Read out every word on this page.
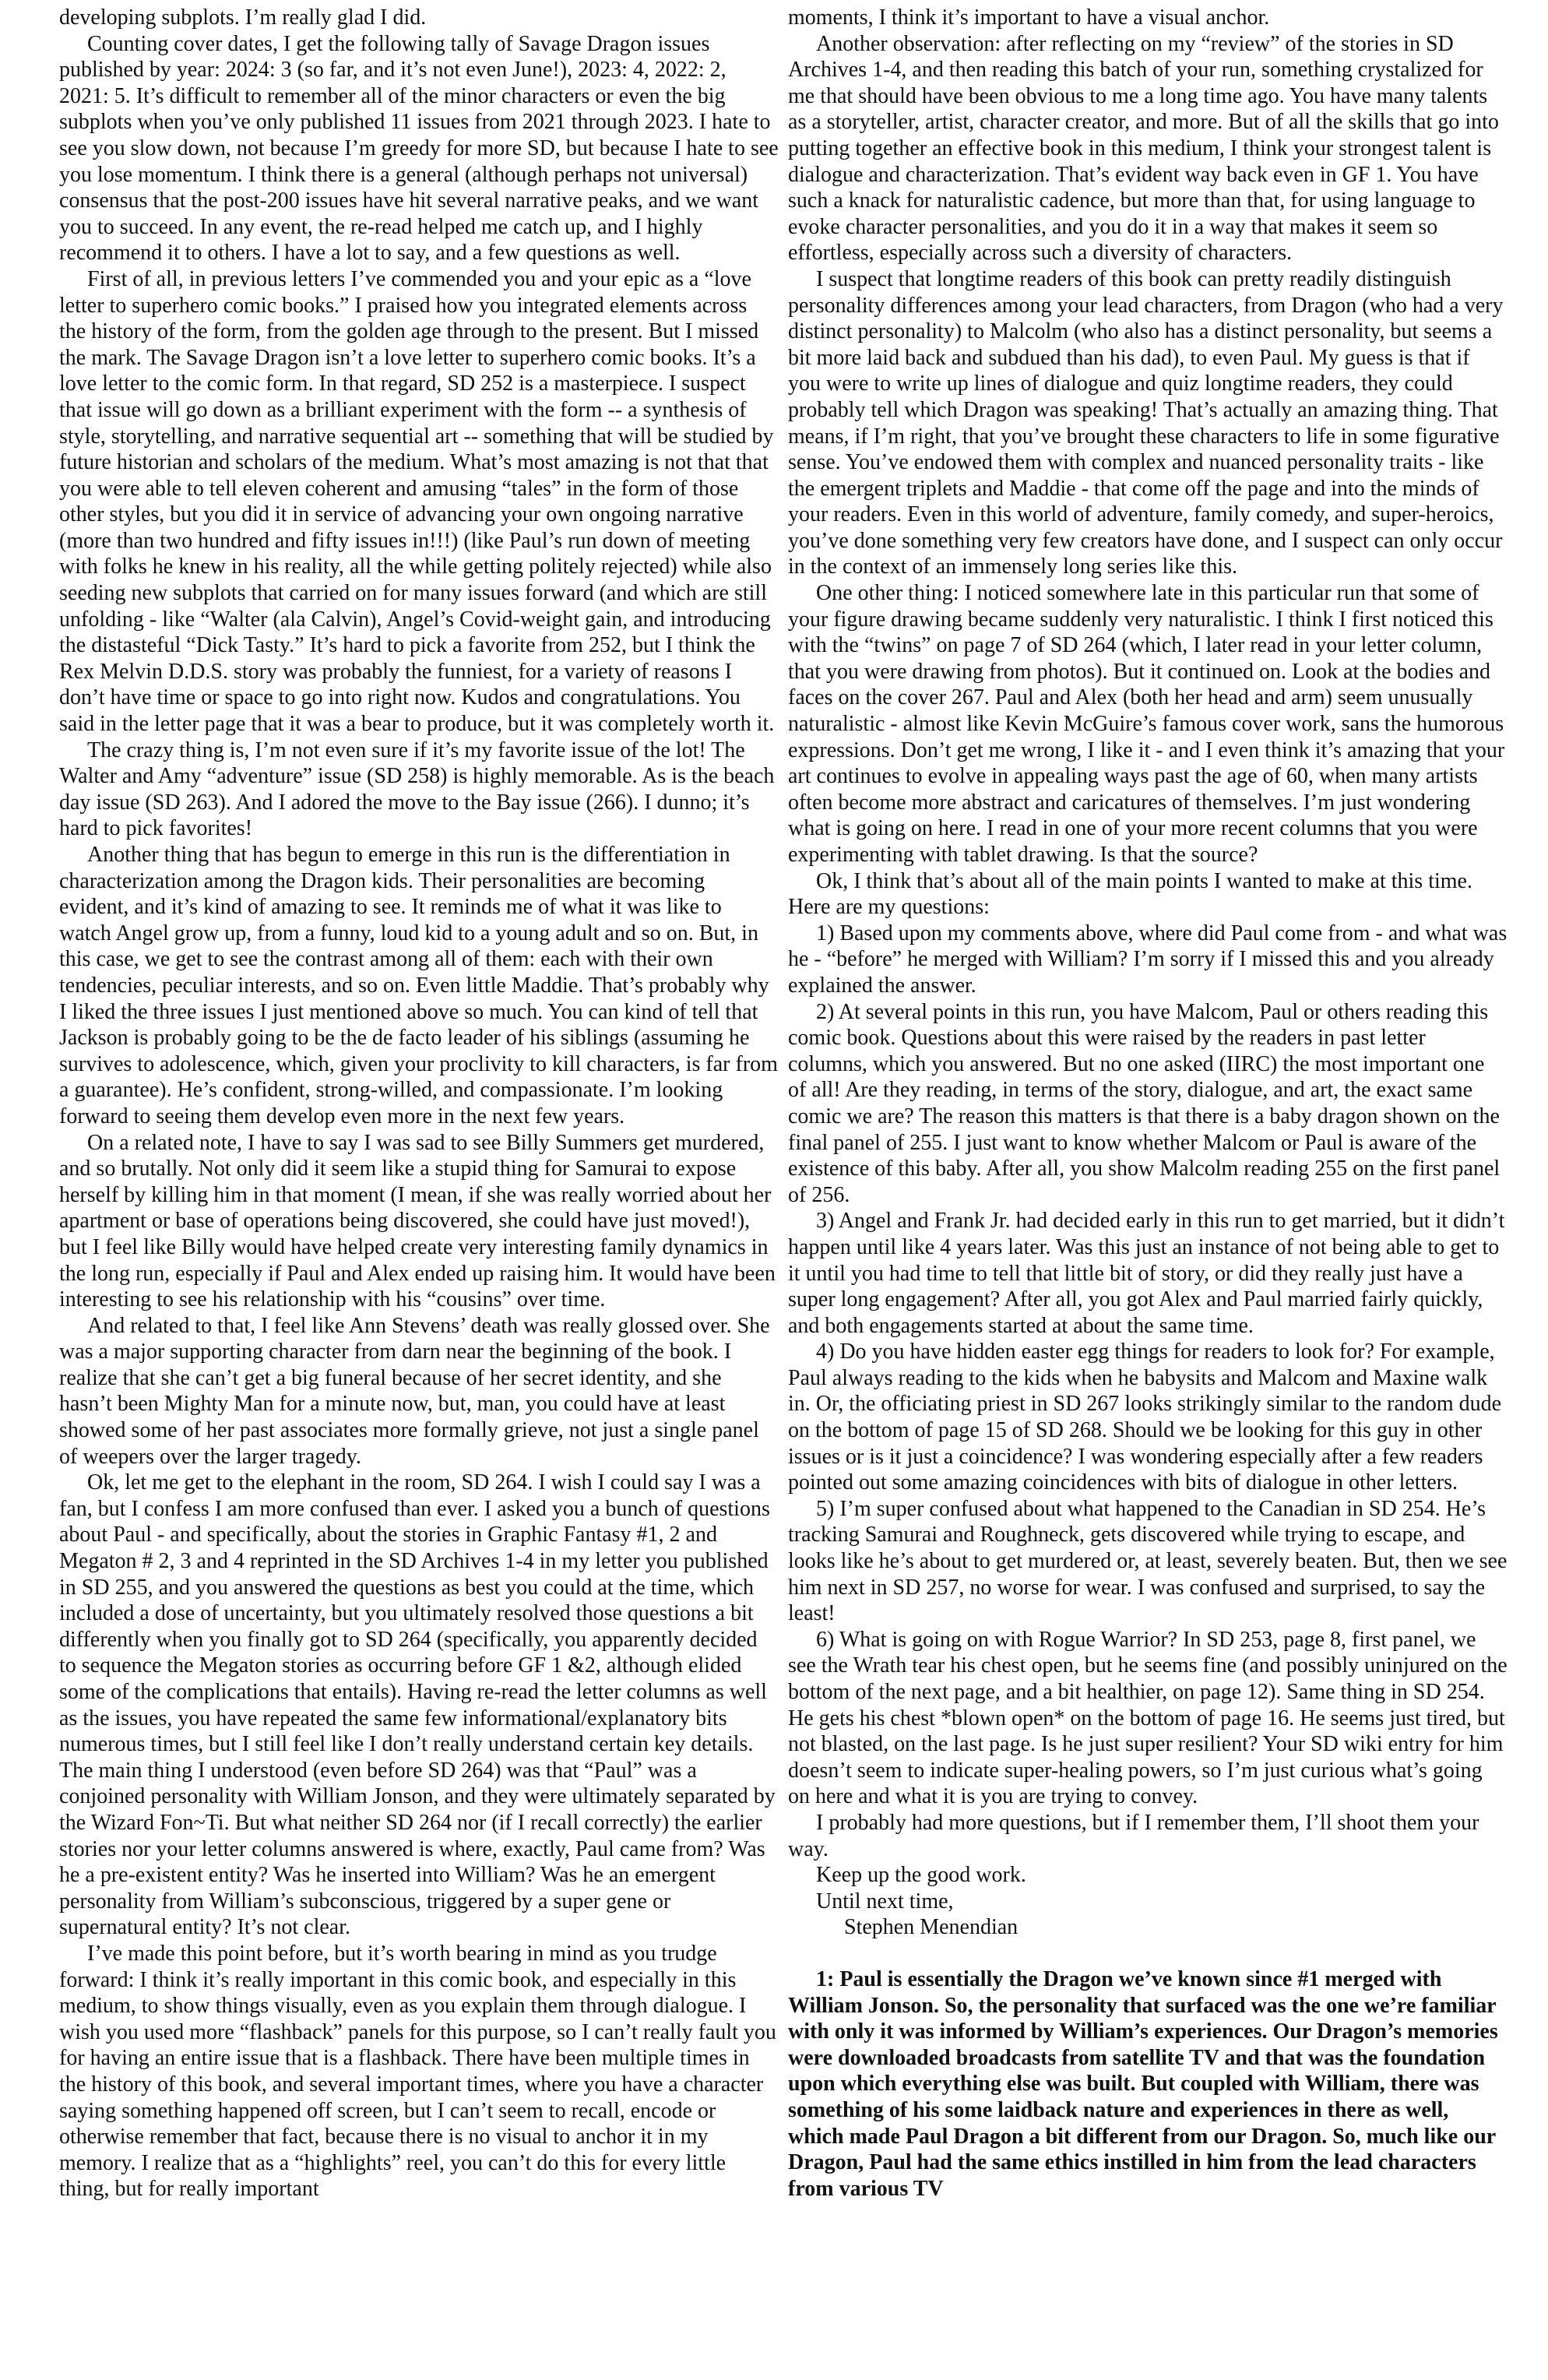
developing subplots. I’m really glad I did.

Counting cover dates, I get the following tally of Savage Dragon issues published by year: 2024: 3 (so far, and it’s not even June!), 2023: 4, 2022: 2, 2021: 5. It’s difficult to remember all of the minor characters or even the big subplots when you’ve only published 11 issues from 2021 through 2023. I hate to see you slow down, not because I’m greedy for more SD, but because I hate to see you lose momentum. I think there is a general (although perhaps not universal) consensus that the post-200 issues have hit several narrative peaks, and we want you to succeed. In any event, the re-read helped me catch up, and I highly recommend it to others. I have a lot to say, and a few questions as well.

First of all, in previous letters I’ve commended you and your epic as a “love letter to superhero comic books.” I praised how you integrated elements across the history of the form, from the golden age through to the present. But I missed the mark. The Savage Dragon isn’t a love letter to superhero comic books. It’s a love letter to the comic form. In that regard, SD 252 is a masterpiece. I suspect that issue will go down as a brilliant experiment with the form -- a synthesis of style, storytelling, and narrative sequential art -- something that will be studied by future historian and scholars of the medium. What’s most amazing is not that that you were able to tell eleven coherent and amusing “tales” in the form of those other styles, but you did it in service of advancing your own ongoing narrative (more than two hundred and fifty issues in!!!) (like Paul’s run down of meeting with folks he knew in his reality, all the while getting politely rejected) while also seeding new subplots that carried on for many issues forward (and which are still unfolding - like “Walter (ala Calvin), Angel’s Covid-weight gain, and introducing the distasteful “Dick Tasty.” It’s hard to pick a favorite from 252, but I think the Rex Melvin D.D.S. story was probably the funniest, for a variety of reasons I don’t have time or space to go into right now. Kudos and congratulations. You said in the letter page that it was a bear to produce, but it was completely worth it.

The crazy thing is, I’m not even sure if it’s my favorite issue of the lot! The Walter and Amy “adventure” issue (SD 258) is highly memorable. As is the beach day issue (SD 263). And I adored the move to the Bay issue (266). I dunno; it’s hard to pick favorites!

Another thing that has begun to emerge in this run is the differentiation in characterization among the Dragon kids. Their personalities are becoming evident, and it’s kind of amazing to see. It reminds me of what it was like to watch Angel grow up, from a funny, loud kid to a young adult and so on. But, in this case, we get to see the contrast among all of them: each with their own tendencies, peculiar interests, and so on. Even little Maddie. That’s probably why I liked the three issues I just mentioned above so much. You can kind of tell that Jackson is probably going to be the de facto leader of his siblings (assuming he survives to adolescence, which, given your proclivity to kill characters, is far from a guarantee). He’s confident, strong-willed, and compassionate. I’m looking forward to seeing them develop even more in the next few years.

On a related note, I have to say I was sad to see Billy Summers get murdered, and so brutally. Not only did it seem like a stupid thing for Samurai to expose herself by killing him in that moment (I mean, if she was really worried about her apartment or base of operations being discovered, she could have just moved!), but I feel like Billy would have helped create very interesting family dynamics in the long run, especially if Paul and Alex ended up raising him. It would have been interesting to see his relationship with his “cousins” over time.

And related to that, I feel like Ann Stevens’ death was really glossed over. She was a major supporting character from darn near the beginning of the book. I realize that she can’t get a big funeral because of her secret identity, and she hasn’t been Mighty Man for a minute now, but, man, you could have at least showed some of her past associates more formally grieve, not just a single panel of weepers over the larger tragedy.

Ok, let me get to the elephant in the room, SD 264. I wish I could say I was a fan, but I confess I am more confused than ever. I asked you a bunch of questions about Paul - and specifically, about the stories in Graphic Fantasy #1, 2 and Megaton # 2, 3 and 4 reprinted in the SD Archives 1-4 in my letter you published in SD 255, and you answered the questions as best you could at the time, which included a dose of uncertainty, but you ultimately resolved those questions a bit differently when you finally got to SD 264 (specifically, you apparently decided to sequence the Megaton stories as occurring before GF 1 &2, although elided some of the complications that entails). Having re-read the letter columns as well as the issues, you have repeated the same few informational/explanatory bits numerous times, but I still feel like I don’t really understand certain key details. The main thing I understood (even before SD 264) was that “Paul” was a conjoined personality with William Jonson, and they were ultimately separated by the Wizard Fon~Ti. But what neither SD 264 nor (if I recall correctly) the earlier stories nor your letter columns answered is where, exactly, Paul came from? Was he a pre-existent entity? Was he inserted into William? Was he an emergent personality from William’s subconscious, triggered by a super gene or supernatural entity? It’s not clear.

I’ve made this point before, but it’s worth bearing in mind as you trudge forward: I think it’s really important in this comic book, and especially in this medium, to show things visually, even as you explain them through dialogue. I wish you used more “flashback” panels for this purpose, so I can’t really fault you for having an entire issue that is a flashback. There have been multiple times in the history of this book, and several important times, where you have a character saying something happened off screen, but I can’t seem to recall, encode or otherwise remember that fact, because there is no visual to anchor it in my memory. I realize that as a “highlights” reel, you can’t do this for every little thing, but for really important

moments, I think it’s important to have a visual anchor.

Another observation: after reflecting on my “review” of the stories in SD Archives 1-4, and then reading this batch of your run, something crystalized for me that should have been obvious to me a long time ago. You have many talents as a storyteller, artist, character creator, and more. But of all the skills that go into putting together an effective book in this medium, I think your strongest talent is dialogue and characterization. That’s evident way back even in GF 1. You have such a knack for naturalistic cadence, but more than that, for using language to evoke character personalities, and you do it in a way that makes it seem so effortless, especially across such a diversity of characters.

I suspect that longtime readers of this book can pretty readily distinguish personality differences among your lead characters, from Dragon (who had a very distinct personality) to Malcolm (who also has a distinct personality, but seems a bit more laid back and subdued than his dad), to even Paul. My guess is that if you were to write up lines of dialogue and quiz longtime readers, they could probably tell which Dragon was speaking! That’s actually an amazing thing. That means, if I’m right, that you’ve brought these characters to life in some figurative sense. You’ve endowed them with complex and nuanced personality traits - like the emergent triplets and Maddie - that come off the page and into the minds of your readers. Even in this world of adventure, family comedy, and super-heroics, you’ve done something very few creators have done, and I suspect can only occur in the context of an immensely long series like this.

One other thing: I noticed somewhere late in this particular run that some of your figure drawing became suddenly very naturalistic. I think I first noticed this with the “twins” on page 7 of SD 264 (which, I later read in your letter column, that you were drawing from photos). But it continued on. Look at the bodies and faces on the cover 267. Paul and Alex (both her head and arm) seem unusually naturalistic - almost like Kevin McGuire’s famous cover work, sans the humorous expressions. Don’t get me wrong, I like it - and I even think it’s amazing that your art continues to evolve in appealing ways past the age of 60, when many artists often become more abstract and caricatures of themselves. I’m just wondering what is going on here. I read in one of your more recent columns that you were experimenting with tablet drawing. Is that the source?

Ok, I think that’s about all of the main points I wanted to make at this time. Here are my questions:

1) Based upon my comments above, where did Paul come from - and what was he - “before” he merged with William? I’m sorry if I missed this and you already explained the answer.

2) At several points in this run, you have Malcom, Paul or others reading this comic book. Questions about this were raised by the readers in past letter columns, which you answered. But no one asked (IIRC) the most important one of all! Are they reading, in terms of the story, dialogue, and art, the exact same comic we are? The reason this matters is that there is a baby dragon shown on the final panel of 255. I just want to know whether Malcom or Paul is aware of the existence of this baby. After all, you show Malcolm reading 255 on the first panel of 256.

3) Angel and Frank Jr. had decided early in this run to get married, but it didn’t happen until like 4 years later. Was this just an instance of not being able to get to it until you had time to tell that little bit of story, or did they really just have a super long engagement? After all, you got Alex and Paul married fairly quickly, and both engagements started at about the same time.

4) Do you have hidden easter egg things for readers to look for? For example, Paul always reading to the kids when he babysits and Malcom and Maxine walk in. Or, the officiating priest in SD 267 looks strikingly similar to the random dude on the bottom of page 15 of SD 268. Should we be looking for this guy in other issues or is it just a coincidence? I was wondering especially after a few readers pointed out some amazing coincidences with bits of dialogue in other letters.

5) I’m super confused about what happened to the Canadian in SD 254. He’s tracking Samurai and Roughneck, gets discovered while trying to escape, and looks like he’s about to get murdered or, at least, severely beaten. But, then we see him next in SD 257, no worse for wear. I was confused and surprised, to say the least!

6) What is going on with Rogue Warrior? In SD 253, page 8, first panel, we see the Wrath tear his chest open, but he seems fine (and possibly uninjured on the bottom of the next page, and a bit healthier, on page 12). Same thing in SD 254. He gets his chest *blown open* on the bottom of page 16. He seems just tired, but not blasted, on the last page. Is he just super resilient? Your SD wiki entry for him doesn’t seem to indicate super-healing powers, so I’m just curious what’s going on here and what it is you are trying to convey.

I probably had more questions, but if I remember them, I’ll shoot them your way.

Keep up the good work.

Until next time,

Stephen Menendian

1: Paul is essentially the Dragon we’ve known since #1 merged with William Jonson. So, the personality that surfaced was the one we’re familiar with only it was informed by William’s experiences. Our Dragon’s memories were downloaded broadcasts from satellite TV and that was the foundation upon which everything else was built. But coupled with William, there was something of his some laidback nature and experiences in there as well, which made Paul Dragon a bit different from our Dragon. So, much like our Dragon, Paul had the same ethics instilled in him from the lead characters from various TV
